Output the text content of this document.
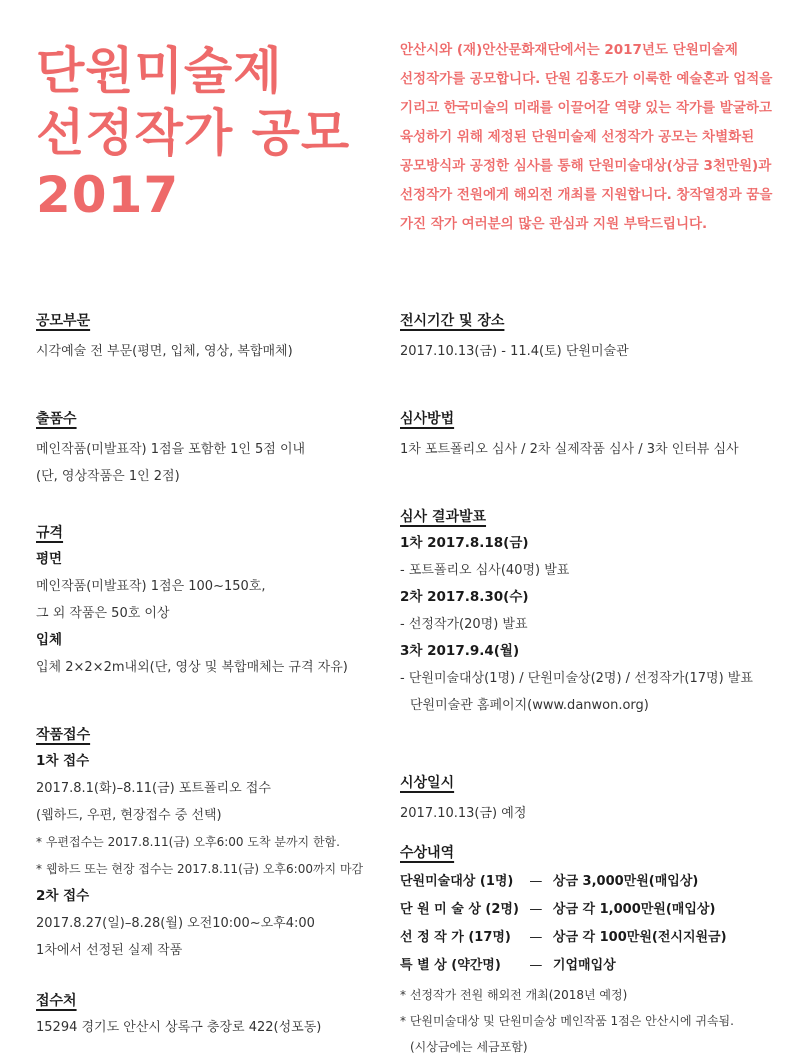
단원미술제
선정작가 공모
2017
안산시와 (재)안산문화재단에서는 2017년도 단원미술제
선정작가를 공모합니다. 단원 김홍도가 이룩한 예술혼과 업적을
기리고 한국미술의 미래를 이끌어갈 역량 있는 작가를 발굴하고
육성하기 위해 제정된 단원미술제 선정작가 공모는 차별화된
공모방식과 공정한 심사를 통해 단원미술대상(상금 3천만원)과
선정작가 전원에게 해외전 개최를 지원합니다. 창작열정과 꿈을
가진 작가 여러분의 많은 관심과 지원 부탁드립니다.
공모부문
시각예술 전 부문(평면, 입체, 영상, 복합매체)
출품수
메인작품(미발표작) 1점을 포함한 1인 5점 이내
(단, 영상작품은 1인 2점)
규격
평면
메인작품(미발표작) 1점은 100~150호,
그 외 작품은 50호 이상
입체
입체 2×2×2m내외(단, 영상 및 복합매체는 규격 자유)
작품접수
1차 접수
2017.8.1(화)–8.11(금) 포트폴리오 접수
(웹하드, 우편, 현장접수 중 선택)
* 우편접수는 2017.8.11(금) 오후6:00 도착 분까지 한함.
* 웹하드 또는 현장 접수는 2017.8.11(금) 오후6:00까지 마감
2차 접수
2017.8.27(일)–8.28(월) 오전10:00~오후4:00
1차에서 선정된 실제 작품
접수처
15294 경기도 안산시 상록구 충장로 422(성포동)
전시기간 및 장소
2017.10.13(금) - 11.4(토) 단원미술관
심사방법
1차 포트폴리오 심사 / 2차 실제작품 심사 / 3차 인터뷰 심사
심사 결과발표
1차 2017.8.18(금)
- 포트폴리오 심사(40명) 발표
2차 2017.8.30(수)
- 선정작가(20명) 발표
3차 2017.9.4(월)
- 단원미술대상(1명) / 단원미술상(2명) / 선정작가(17명) 발표
단원미술관 홈페이지(www.danwon.org)
시상일시
2017.10.13(금) 예정
수상내역
단원미술대상 (1명)	—	상금 3,000만원(매입상)
단 원 미 술 상 (2명)	—	상금 각 1,000만원(매입상)
선 정 작 가 (17명)	—	상금 각 100만원(전시지원금)
특 별 상 (약간명)	—	기업매입상
* 선정작가 전원 해외전 개최(2018년 예정)
* 단원미술대상 및 단원미술상 메인작품 1점은 안산시에 귀속됨.
(시상금에는 세금포함)
